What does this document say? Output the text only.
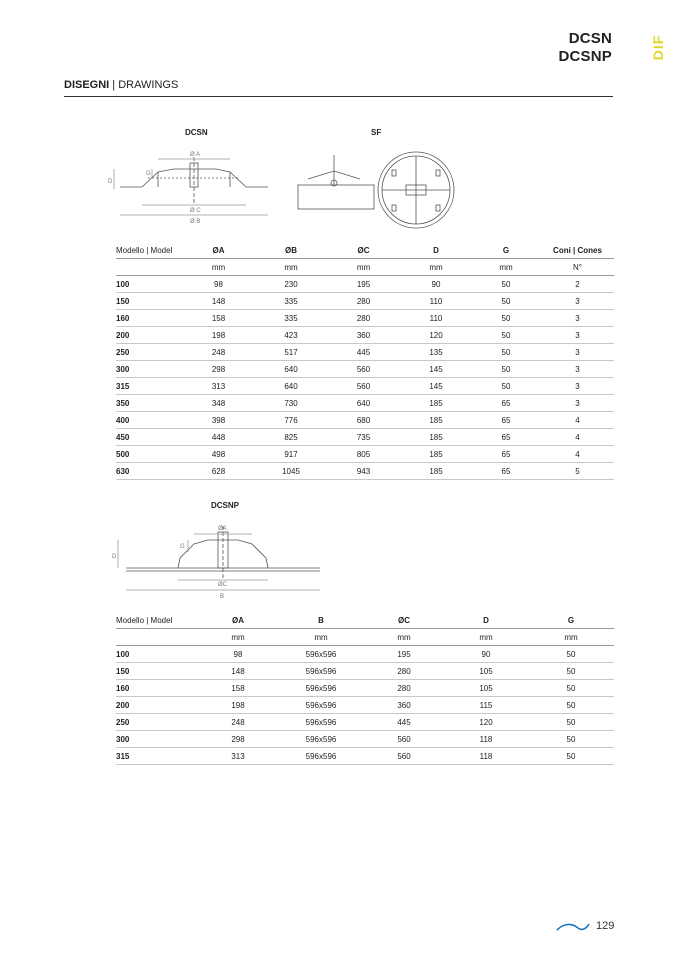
DCSN
DCSNP	DIF
DISEGNI | DRAWINGS
DCSN	SF
Ø A
Ø C
Ø B
D
G
Modello | Model	ØA	ØB	ØC	D	G	Coni | Cones
	mm	mm	mm	mm	mm	N°
100	98	230	195	90	50	2
150	148	335	280	110	50	3
160	158	335	280	110	50	3
200	198	423	360	120	50	3
250	248	517	445	135	50	3
300	298	640	560	145	50	3
315	313	640	560	145	50	3
350	348	730	640	185	65	3
400	398	776	680	185	65	4
450	448	825	735	185	65	4
500	498	917	805	185	65	4
630	628	1045	943	185	65	5
DCSNP
ØA
ØC
B
D
G
Modello | Model	ØA	B	ØC	D	G
	mm	mm	mm	mm	mm
100	98	596x596	195	90	50
150	148	596x596	280	105	50
160	158	596x596	280	105	50
200	198	596x596	360	115	50
250	248	596x596	445	120	50
300	298	596x596	560	118	50
315	313	596x596	560	118	50
129
